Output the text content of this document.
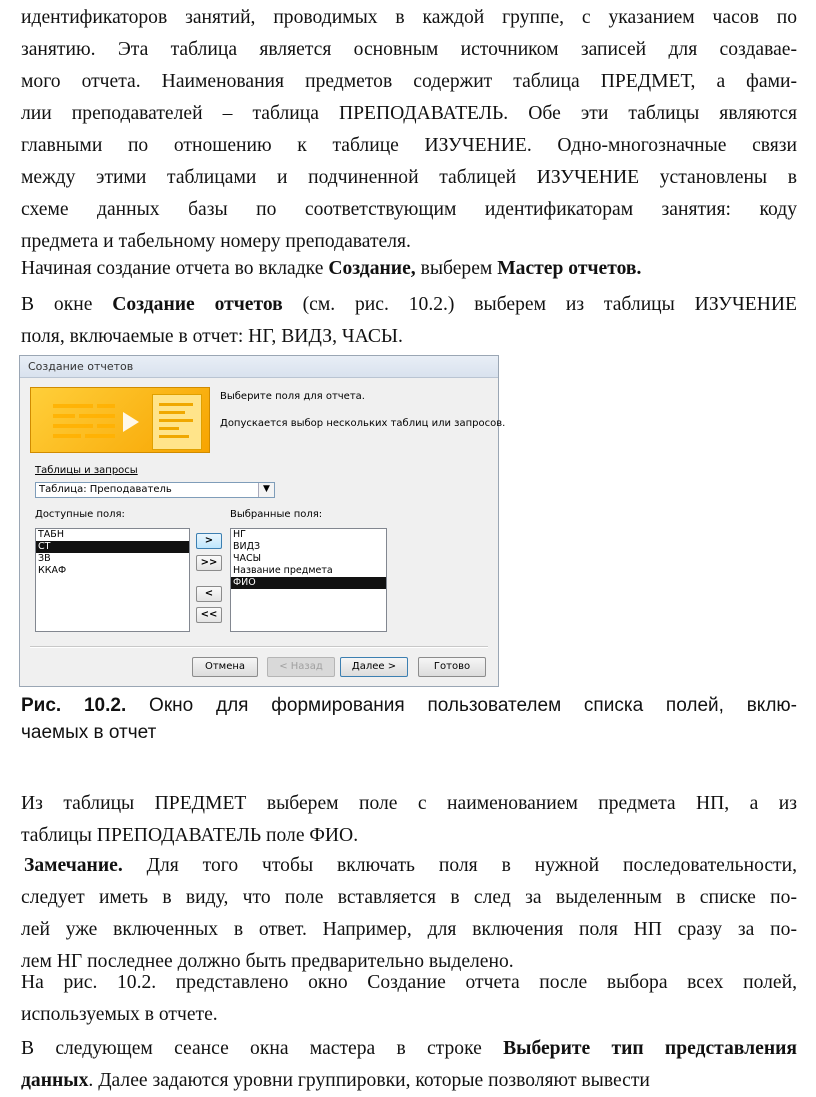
идентификаторов занятий, проводимых в каждой группе, с указанием часов по
занятию. Эта таблица является основным источником записей для создавае-
мого отчета. Наименования предметов содержит таблица ПРЕДМЕТ, а фами-
лии преподавателей – таблица ПРЕПОДАВАТЕЛЬ. Обе эти таблицы являются
главными по отношению к таблице ИЗУЧЕНИЕ. Одно-многозначные связи
между этими таблицами и подчиненной таблицей ИЗУЧЕНИЕ установлены в
схеме данных базы по соответствующим идентификаторам занятия: коду
предмета и табельному номеру преподавателя.
Начиная создание отчета во вкладке Создание, выберем Мастер отчетов.
В окне Создание отчетов (см. рис. 10.2.) выберем из таблицы ИЗУЧЕНИЕ
поля, включаемые в отчет: НГ, ВИДЗ, ЧАСЫ.
Создание отчетов
Выберите поля для отчета.
Допускается выбор нескольких таблиц или запросов.
Таблицы и запросы
Таблица: Преподаватель	▼
Доступные поля:	Выбранные поля:
ТАБН
СТ
ЗВ
ККАФ
НГ
ВИДЗ
ЧАСЫ
Название предмета
ФИО
>
>>
<
<<
Отмена	< Назад	Далее >	Готово
Рис. 10.2. Окно для формирования пользователем списка полей, вклю-
чаемых в отчет
Из таблицы ПРЕДМЕТ выберем поле с наименованием предмета НП, а из
таблицы ПРЕПОДАВАТЕЛЬ поле ФИО.
Замечание. Для того чтобы включать поля в нужной последовательности,
следует иметь в виду, что поле вставляется в след за выделенным в списке по-
лей уже включенных в ответ. Например, для включения поля НП сразу за по-
лем НГ последнее должно быть предварительно выделено.
На рис. 10.2. представлено окно Создание отчета после выбора всех полей,
используемых в отчете.
В следующем сеансе окна мастера в строке Выберите тип представления
данных. Далее задаются уровни группировки, которые позволяют вывести
